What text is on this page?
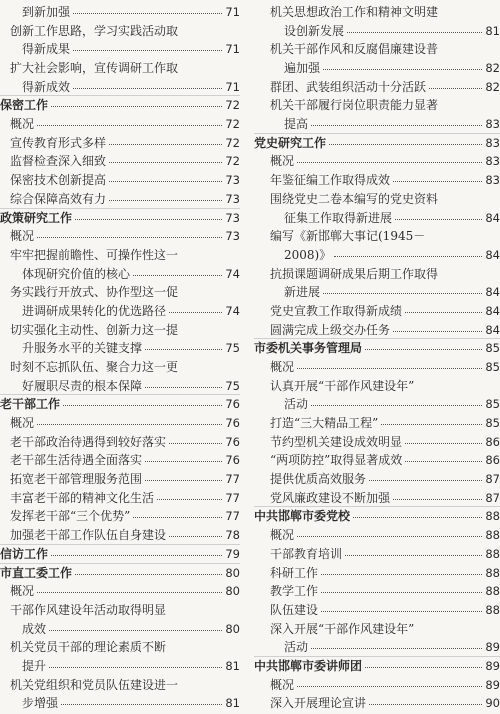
到新加强	71
创新工作思路，学习实践活动取
得新成果	71
扩大社会影响，宣传调研工作取
得新成效	71
保密工作	72
概况	72
宣传教育形式多样	72
监督检查深入细致	72
保密技术创新提高	73
综合保障高效有力	73
政策研究工作	73
概况	73
牢牢把握前瞻性、可操作性这一
体现研究价值的核心	74
务实践行开放式、协作型这一促
进调研成果转化的优选路径	74
切实强化主动性、创新力这一提
升服务水平的关键支撑	75
时刻不忘抓队伍、聚合力这一更
好履职尽责的根本保障	75
老干部工作	76
概况	76
老干部政治待遇得到较好落实	76
老干部生活待遇全面落实	76
拓宽老干部管理服务范围	77
丰富老干部的精神文化生活	77
发挥老干部“三个优势”	77
加强老干部工作队伍自身建设	78
信访工作	79
市直工委工作	80
概况	80
干部作风建设年活动取得明显
成效	80
机关党员干部的理论素质不断
提升	81
机关党组织和党员队伍建设进一
步增强	81
机关思想政治工作和精神文明建
设创新发展	81
机关干部作风和反腐倡廉建设普
遍加强	82
群团、武装组织活动十分活跃	82
机关干部履行岗位职责能力显著
提高	83
党史研究工作	83
概况	83
年鉴征编工作取得成效	83
围绕党史二卷本编写的党史资料
征集工作取得新进展	84
编写《新邯郸大事记(1945－
2008)》	84
抗损课题调研成果后期工作取得
新进展	84
党史宣教工作取得新成绩	84
圆满完成上级交办任务	84
市委机关事务管理局	85
概况	85
认真开展“干部作风建设年”
活动	85
打造“三大精品工程”	85
节约型机关建设成效明显	86
“两项防控”取得显著成效	86
提供优质高效服务	87
党风廉政建设不断加强	87
中共邯郸市委党校	88
概况	88
干部教育培训	88
科研工作	88
教学工作	88
队伍建设	88
深入开展“干部作风建设年”
活动	89
中共邯郸市委讲师团	89
概况	89
深入开展理论宣讲	90
